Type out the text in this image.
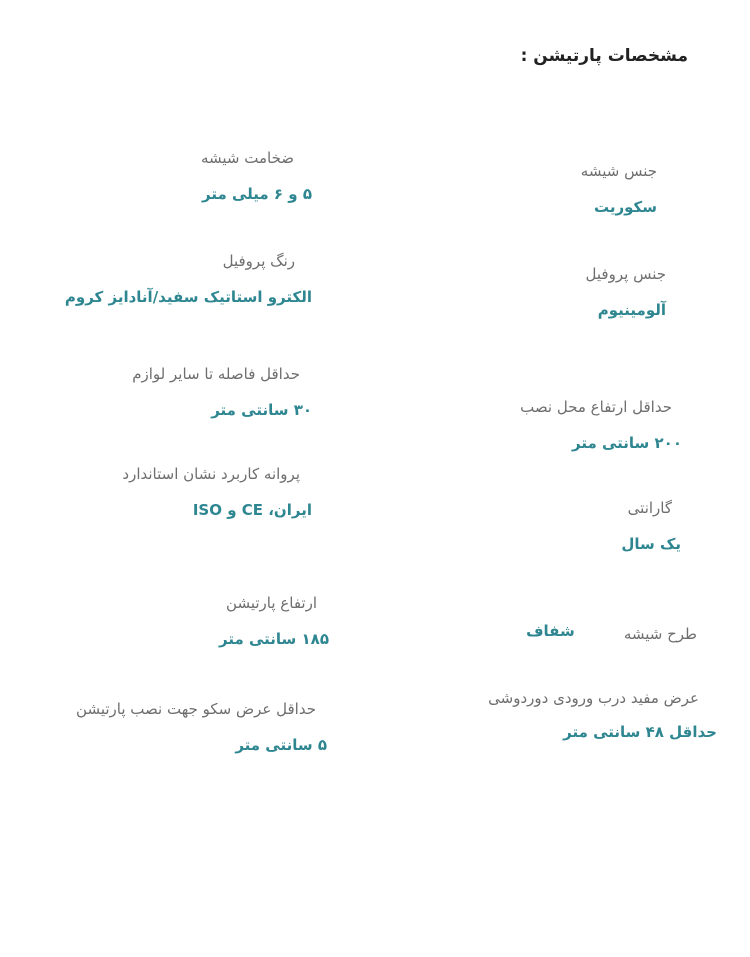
مشخصات پارتیشن :
جنس شیشه
سکوریت
جنس پروفیل
آلومینیوم
حداقل ارتفاع محل نصب
۲۰۰ سانتی متر
گارانتی
یک سال
طرح شیشه شفاف
عرض مفید درب ورودی دوردوشی
حداقل ۴۸ سانتی متر
ضخامت شیشه
۵ و ۶ میلی متر
رنگ پروفیل
الکترو استاتیک سفید/آنادایز کروم
حداقل فاصله تا سایر لوازم
۳۰ سانتی متر
پروانه کاربرد نشان استاندارد
ایران، CE و ISO
ارتفاع پارتیشن
۱۸۵ سانتی متر
حداقل عرض سکو جهت نصب پارتیشن
۵ سانتی متر
